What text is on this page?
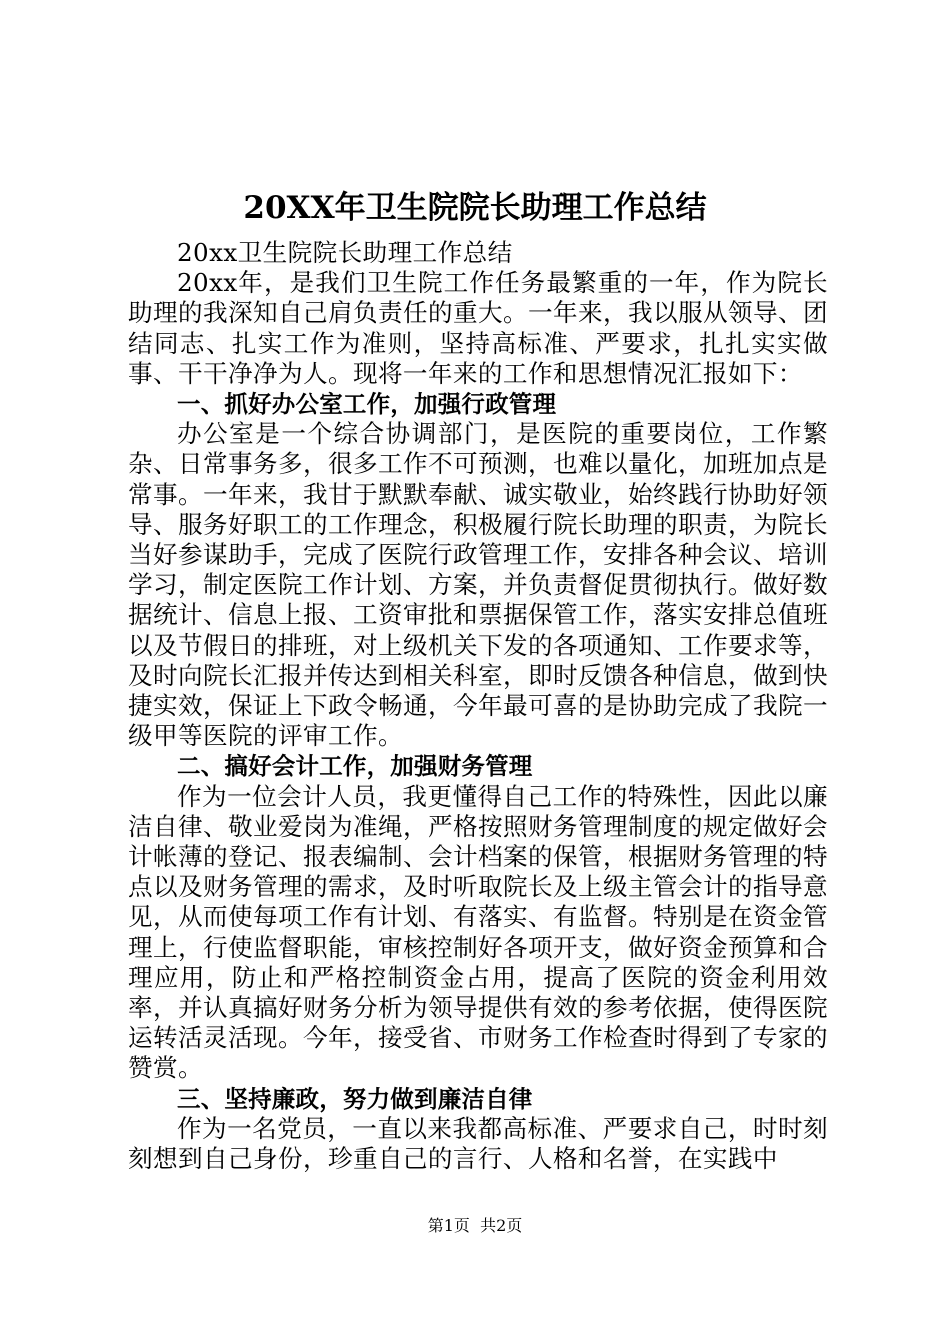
20XX年卫生院院长助理工作总结

20xx卫生院院长助理工作总结

20xx年，是我们卫生院工作任务最繁重的一年，作为院长助理的我深知自己肩负责任的重大。一年来，我以服从领导、团结同志、扎实工作为准则，坚持高标准、严要求，扎扎实实做事、干干净净为人。现将一年来的工作和思想情况汇报如下：

一、抓好办公室工作，加强行政管理

办公室是一个综合协调部门，是医院的重要岗位，工作繁杂、日常事务多，很多工作不可预测，也难以量化，加班加点是常事。一年来，我甘于默默奉献、诚实敬业，始终践行协助好领导、服务好职工的工作理念，积极履行院长助理的职责，为院长当好参谋助手，完成了医院行政管理工作，安排各种会议、培训学习，制定医院工作计划、方案，并负责督促贯彻执行。做好数据统计、信息上报、工资审批和票据保管工作，落实安排总值班以及节假日的排班，对上级机关下发的各项通知、工作要求等，及时向院长汇报并传达到相关科室，即时反馈各种信息，做到快捷实效，保证上下政令畅通，今年最可喜的是协助完成了我院一级甲等医院的评审工作。

二、搞好会计工作，加强财务管理

作为一位会计人员，我更懂得自己工作的特殊性，因此以廉洁自律、敬业爱岗为准绳，严格按照财务管理制度的规定做好会计帐薄的登记、报表编制、会计档案的保管，根据财务管理的特点以及财务管理的需求，及时听取院长及上级主管会计的指导意见，从而使每项工作有计划、有落实、有监督。特别是在资金管理上，行使监督职能，审核控制好各项开支，做好资金预算和合理应用，防止和严格控制资金占用，提高了医院的资金利用效率，并认真搞好财务分析为领导提供有效的参考依据，使得医院运转活灵活现。今年，接受省、市财务工作检查时得到了专家的赞赏。

三、坚持廉政，努力做到廉洁自律

作为一名党员，一直以来我都高标准、严要求自己，时时刻刻想到自己身份，珍重自己的言行、人格和名誉，在实践中

第1页  共2页
